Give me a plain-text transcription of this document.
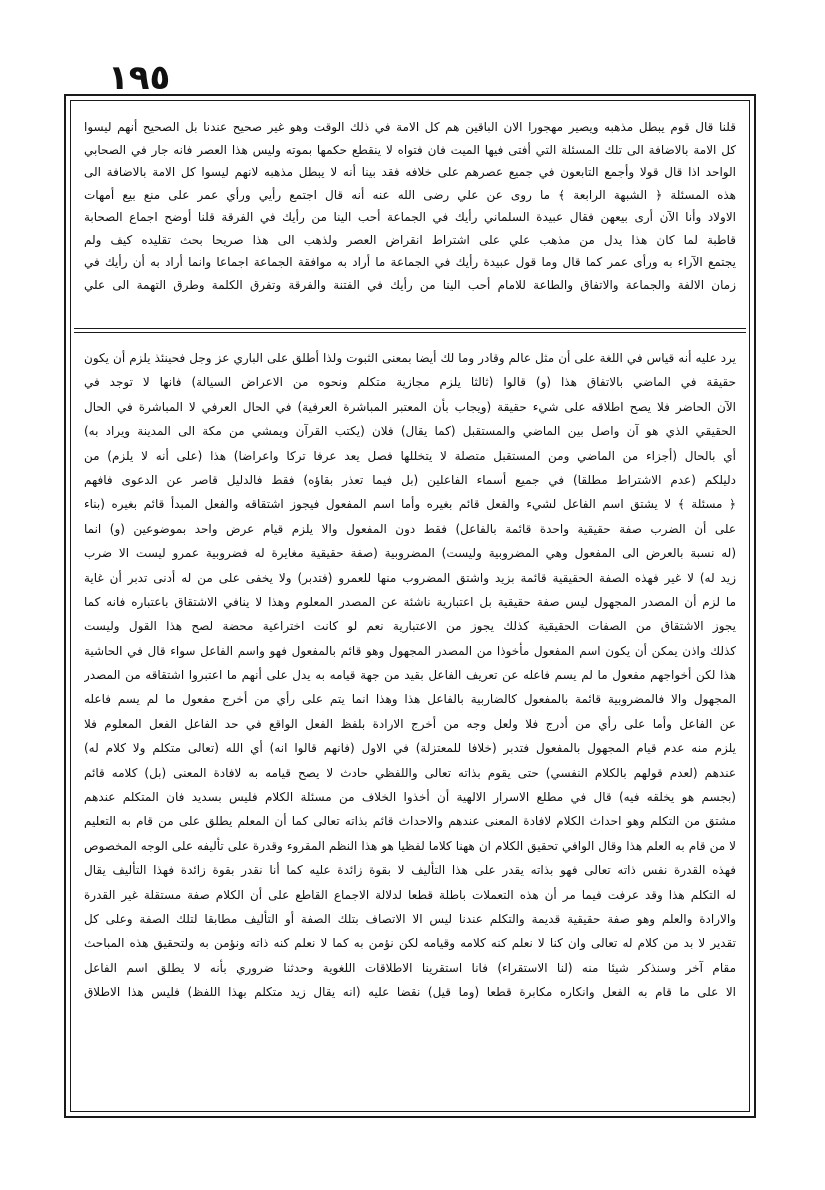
١٩٥
قلنا قال قوم يبطل مذهبه ويصير مهجورا الان الباقين هم كل الامة في ذلك الوقت وهو غير صحيح عندنا بل الصحيح أنهم ليسوا
كل الامة بالاضافة الى تلك المسئلة التي أفتى فيها الميت فان فتواه لا ينقطع حكمها بموته وليس هذا العصر فانه جار في الصحابي
الواحد اذا قال قولا وأجمع التابعون في جميع عصرهم على خلافه فقد بينا أنه لا يبطل مذهبه لانهم ليسوا كل الامة بالاضافة الى
هذه المسئلة ﴿ الشبهة الرابعة ﴾ ما روى عن علي رضى الله عنه أنه قال اجتمع رأيي ورأي عمر على منع بيع أمهات
الاولاد وأنا الآن أرى بيعهن فقال عبيدة السلماني رأيك في الجماعة أحب الينا من رأيك في الفرقة قلنا أوضح اجماع الصحابة
قاطبة لما كان هذا يدل من مذهب علي على اشتراط انقراض العصر ولذهب الى هذا صريحا بحث تقليده كيف ولم
يجتمع الآراء به ورأى عمر كما قال وما قول عبيدة رأيك في الجماعة ما أراد به موافقة الجماعة اجماعا وانما أراد به أن رأيك في
زمان الالفة والجماعة والاتفاق والطاعة للامام أحب الينا من رأيك في الفتنة والفرقة وتفرق الكلمة وطرق التهمة الى علي
يرد عليه أنه قياس في اللغة على أن مثل عالم وقادر وما لك أيضا بمعنى الثبوت ولذا أطلق على الباري عز وجل فحينئذ يلزم أن يكون
حقيقة في الماضي بالاتفاق هذا (و) قالوا (ثالثا يلزم مجازية متكلم ونحوه من الاعراض السيالة) فانها لا توجد في
الآن الحاضر فلا يصح اطلاقه على شيء حقيقة (ويجاب بأن المعتبر المباشرة العرفية) في الحال العرفي لا المباشرة في الحال
الحقيقي الذي هو آن واصل بين الماضي والمستقبل (كما يقال) فلان (يكتب القرآن ويمشي من مكة الى المدينة ويراد به)
أي بالحال (أجزاء من الماضي ومن المستقبل متصلة لا يتخللها فصل يعد عرفا تركا واعراضا) هذا (على أنه لا يلزم) من
دليلكم (عدم الاشتراط مطلقا) في جميع أسماء الفاعلين (بل فيما تعذر بقاؤه) فقط فالدليل قاصر عن الدعوى فافهم
﴿ مسئلة ﴾ لا يشتق اسم الفاعل لشيء والفعل قائم بغيره وأما اسم المفعول فيجوز اشتقاقه والفعل المبدأ قائم بغيره (بناء
على أن الضرب صفة حقيقية واحدة قائمة بالفاعل) فقط دون المفعول والا يلزم قيام عرض واحد بموضوعين (و) انما
(له نسبة بالعرض الى المفعول وهي المضروبية وليست) المضروبية (صفة حقيقية مغايرة له فضروبية عمرو ليست الا ضرب
زيد له) لا غير فهذه الصفة الحقيقية قائمة بزيد واشتق المضروب منها للعمرو (فتدبر) ولا يخفى على من له أدنى تدبر أن غاية
ما لزم أن المصدر المجهول ليس صفة حقيقية بل اعتبارية ناشئة عن المصدر المعلوم وهذا لا ينافي الاشتقاق باعتباره فانه كما
يجوز الاشتقاق من الصفات الحقيقية كذلك يجوز من الاعتبارية نعم لو كانت اختراعية محضة لصح هذا القول وليست
كذلك واذن يمكن أن يكون اسم المفعول مأخوذا من المصدر المجهول وهو قائم بالمفعول فهو واسم الفاعل سواء قال في الحاشية
هذا لكن أخواجهم مفعول ما لم يسم فاعله عن تعريف الفاعل بقيد من جهة قيامه به يدل على أنهم ما اعتبروا اشتقاقه من المصدر
المجهول والا فالمضروبية قائمة بالمفعول كالضاربية بالفاعل هذا وهذا انما يتم على رأي من أخرج مفعول ما لم يسم فاعله
عن الفاعل وأما على رأي من أدرج فلا ولعل وجه من أخرج الارادة بلفظ الفعل الواقع في حد الفاعل الفعل المعلوم فلا
يلزم منه عدم قيام المجهول بالمفعول فتدبر (خلافا للمعتزلة) في الاول (فانهم قالوا انه) أي الله (تعالى متكلم ولا كلام له)
عندهم (لعدم قولهم بالكلام النفسي) حتى يقوم بذاته تعالى واللفظي حادث لا يصح قيامه به لافادة المعنى (بل) كلامه قائم
(بجسم هو يخلقه فيه) قال في مطلع الاسرار الالهية أن أخذوا الخلاف من مسئلة الكلام فليس بسديد فان المتكلم عندهم
مشتق من التكلم وهو احداث الكلام لافادة المعنى عندهم والاحداث قائم بذاته تعالى كما أن المعلم يطلق على من قام به التعليم
لا من قام به العلم هذا وقال الوافي تحقيق الكلام ان ههنا كلاما لفظيا هو هذا النظم المقروء وقدرة على تأليفه على الوجه المخصوص
فهذه القدرة نفس ذاته تعالى فهو بذاته يقدر على هذا التأليف لا بقوة زائدة عليه كما أنا نقدر بقوة زائدة فهذا التأليف يقال
له التكلم هذا وقد عرفت فيما مر أن هذه التعملات باطلة قطعا لدلالة الاجماع القاطع على أن الكلام صفة مستقلة غير القدرة
والارادة والعلم وهو صفة حقيقية قديمة والتكلم عندنا ليس الا الاتصاف بتلك الصفة أو التأليف مطابقا لتلك الصفة وعلى كل
تقدير لا بد من كلام له تعالى وان كنا لا نعلم كنه كلامه وقيامه لكن نؤمن به كما لا نعلم كنه ذاته ونؤمن به ولتحقيق هذه المباحث
مقام آخر وسنذكر شيئا منه (لنا الاستقراء) فانا استقرينا الاطلاقات اللغوية وحدثنا ضروري بأنه لا يطلق اسم الفاعل
الا على ما قام به الفعل وانكاره مكابرة قطعا (وما قيل) نقضا عليه (انه يقال زيد متكلم بهذا اللفظ) فليس هذا الاطلاق
